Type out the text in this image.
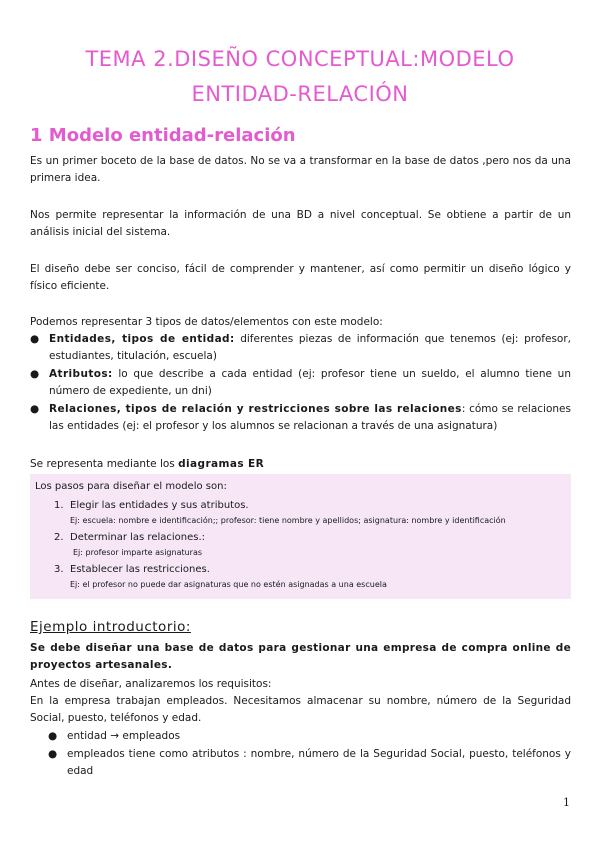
TEMA 2.DISEÑO CONCEPTUAL:MODELO
ENTIDAD-RELACIÓN
1 Modelo entidad-relación
Es un primer boceto de la base de datos. No se va a transformar en la base de datos ,pero nos da una primera idea.
Nos permite representar la información de una BD a nivel conceptual. Se obtiene a partir de un análisis inicial del sistema.
El diseño debe ser conciso, fácil de comprender y mantener, así como permitir un diseño lógico y físico eficiente.
Podemos representar 3 tipos de datos/elementos con este modelo:
● Entidades, tipos de entidad: diferentes piezas de información que tenemos (ej: profesor, estudiantes, titulación, escuela)
● Atributos: lo que describe a cada entidad (ej: profesor tiene un sueldo, el alumno tiene un número de expediente, un dni)
● Relaciones, tipos de relación y restricciones sobre las relaciones: cómo se relaciones las entidades (ej: el profesor y los alumnos se relacionan a través de una asignatura)
Se representa mediante los diagramas ER
Los pasos para diseñar el modelo son:
1. Elegir las entidades y sus atributos.
Ej: escuela: nombre e identificación;; profesor: tiene nombre y apellidos; asignatura: nombre y identificación
2. Determinar las relaciones.:
Ej: profesor imparte asignaturas
3. Establecer las restricciones.
Ej: el profesor no puede dar asignaturas que no estén asignadas a una escuela
Ejemplo introductorio:
Se debe diseñar una base de datos para gestionar una empresa de compra online de proyectos artesanales.
Antes de diseñar, analizaremos los requisitos:
En la empresa trabajan empleados. Necesitamos almacenar su nombre, número de la Seguridad Social, puesto, teléfonos y edad.
● entidad → empleados
● empleados tiene como atributos : nombre, número de la Seguridad Social, puesto, teléfonos y edad
1
